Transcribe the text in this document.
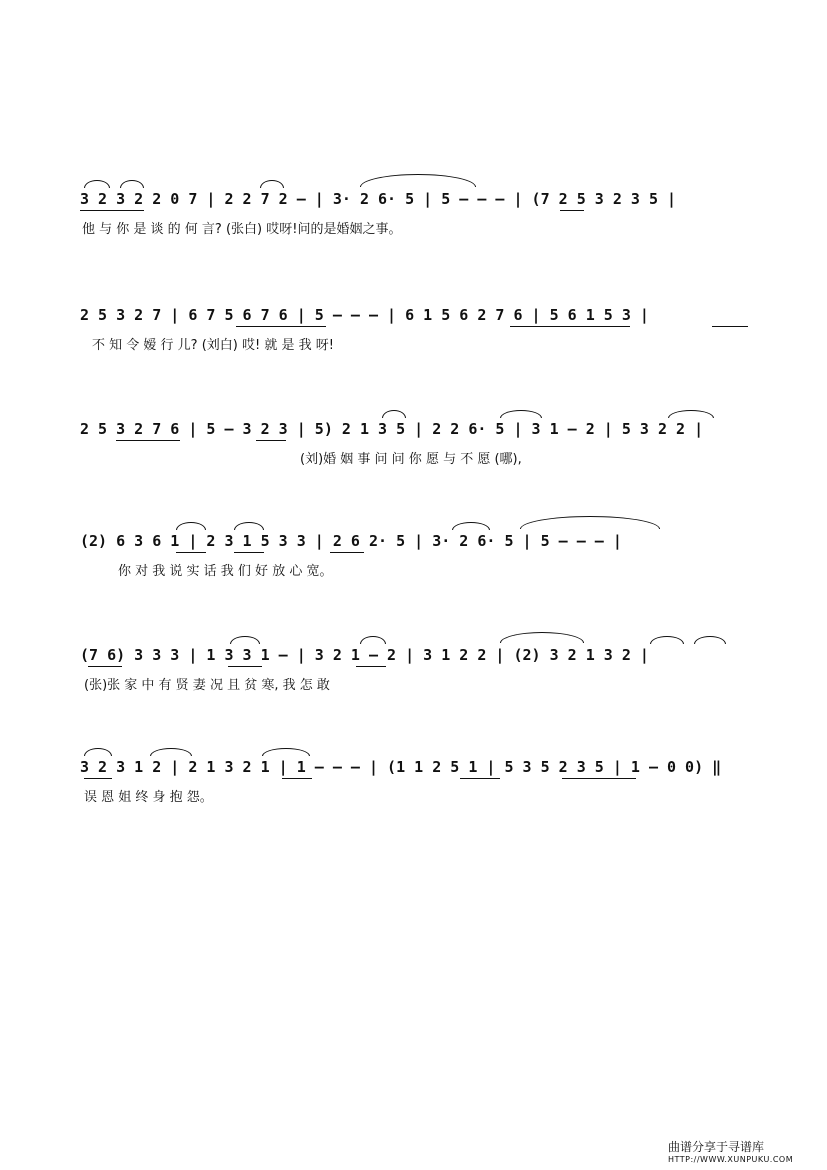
3 2 3 2 2 0 7 | 2 2 7 2 – | 3· 2 6· 5 | 5 – – – | (7 2 5 3 2 3 5 |

他 与 你 是 谈 的 何 言? (张白) 哎呀!问的是婚姻之事。

2 5 3 2 7 | 6 7 5 6 7 6 | 5 – – – | 6 1 5 6 2 7 6 | 5 6 1 5 3 |

不 知 令 嫒 行 儿? (刘白) 哎! 就 是 我 呀!

2 5 3 2 7 6 | 5 – 3 2 3 | 5) 2 1 3 5 | 2 2 6· 5 | 3 1 – 2 | 5 3 2 2 |

(刘)婚 姻 事 问 问 你 愿 与 不 愿 (哪),

(2) 6 3 6 1 | 2 3 1 5 3 3 | 2 6 2· 5 | 3· 2 6· 5 | 5 – – – |

你 对 我 说 实 话 我 们 好 放 心 宽。

(7 6) 3 3 3 | 1 3 3 1 – | 3 2 1 – 2 | 3 1 2 2 | (2) 3 2 1 3 2 |

(张)张 家 中 有 贤 妻 况 且 贫 寒, 我 怎 敢

3 2 3 1 2 | 2 1 3 2 1 | 1 – – – | (1 1 2 5 1 | 5 3 5 2 3 5 | 1 – 0 0) ‖

误 恩 姐 终 身 抱 怨。
曲谱分享于寻谱库
HTTP://WWW.XUNPUKU.COM
